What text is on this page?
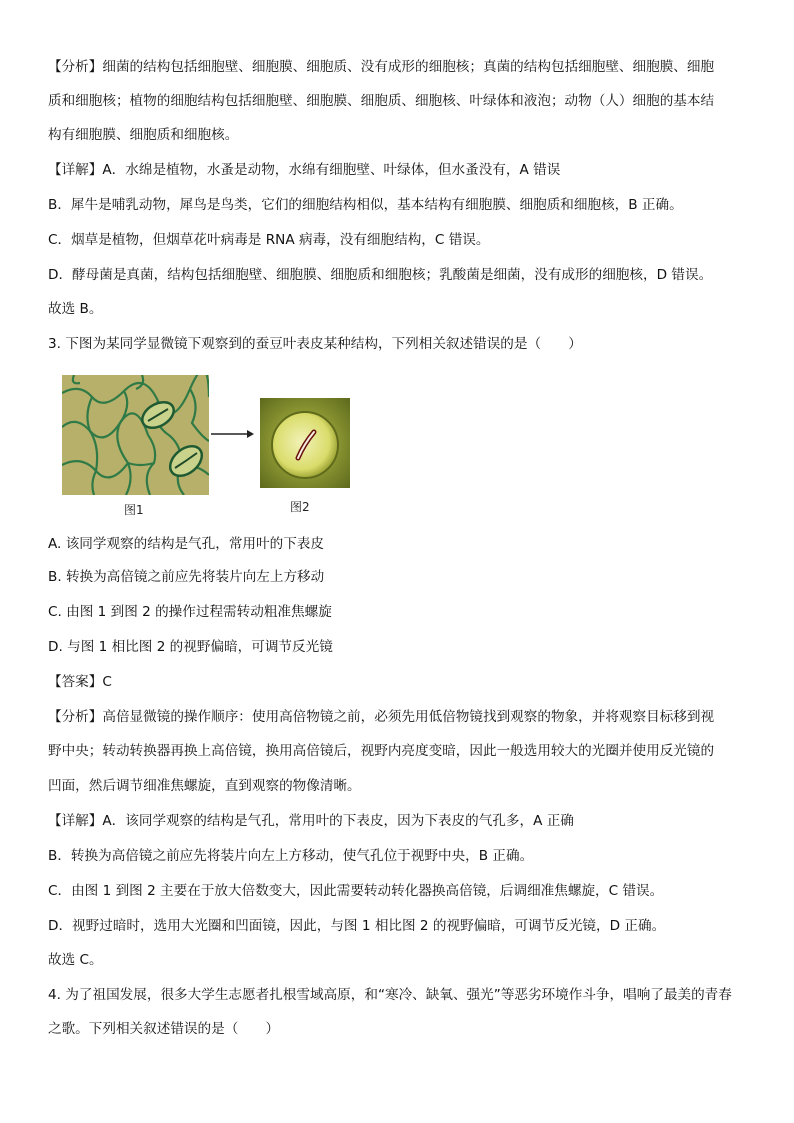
【分析】细菌的结构包括细胞壁、细胞膜、细胞质、没有成形的细胞核；真菌的结构包括细胞壁、细胞膜、细胞
质和细胞核；植物的细胞结构包括细胞壁、细胞膜、细胞质、细胞核、叶绿体和液泡；动物（人）细胞的基本结
构有细胞膜、细胞质和细胞核。
【详解】A．水绵是植物，水蚤是动物，水绵有细胞壁、叶绿体，但水蚤没有，A 错误
B．犀牛是哺乳动物，犀鸟是鸟类，它们的细胞结构相似，基本结构有细胞膜、细胞质和细胞核，B 正确。
C．烟草是植物，但烟草花叶病毒是 RNA 病毒，没有细胞结构，C 错误。
D．酵母菌是真菌，结构包括细胞壁、细胞膜、细胞质和细胞核；乳酸菌是细菌，没有成形的细胞核，D 错误。
故选 B。
3. 下图为某同学显微镜下观察到的蚕豆叶表皮某种结构，下列相关叙述错误的是（　　）
A. 该同学观察的结构是气孔，常用叶的下表皮
B. 转换为高倍镜之前应先将装片向左上方移动
C. 由图 1 到图 2 的操作过程需转动粗准焦螺旋
D. 与图 1 相比图 2 的视野偏暗，可调节反光镜
【答案】C
【分析】高倍显微镜的操作顺序：使用高倍物镜之前，必须先用低倍物镜找到观察的物象，并将观察目标移到视
野中央；转动转换器再换上高倍镜，换用高倍镜后，视野内亮度变暗，因此一般选用较大的光圈并使用反光镜的
凹面，然后调节细准焦螺旋，直到观察的物像清晰。
【详解】A．该同学观察的结构是气孔，常用叶的下表皮，因为下表皮的气孔多，A 正确
B．转换为高倍镜之前应先将装片向左上方移动，使气孔位于视野中央，B 正确。
C．由图 1 到图 2 主要在于放大倍数变大，因此需要转动转化器换高倍镜，后调细准焦螺旋，C 错误。
D．视野过暗时，选用大光圈和凹面镜，因此，与图 1 相比图 2 的视野偏暗，可调节反光镜，D 正确。
故选 C。
4. 为了祖国发展，很多大学生志愿者扎根雪域高原，和“寒冷、缺氧、强光”等恶劣环境作斗争，唱响了最美的青春
之歌。下列相关叙述错误的是（　　）
图1	图2
